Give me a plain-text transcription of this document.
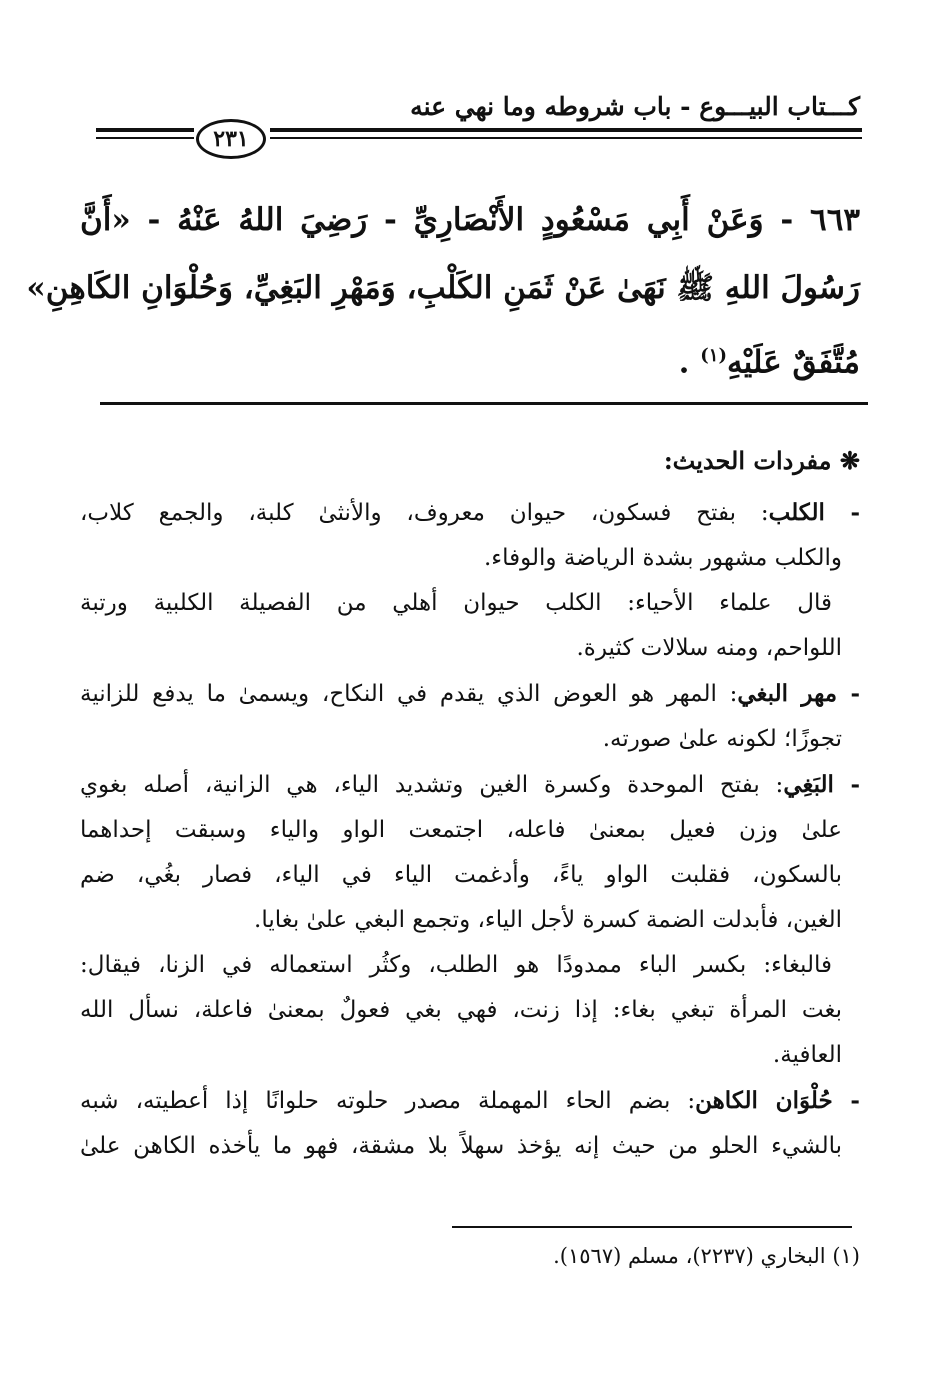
كـــتاب البيـــوع - باب شروطه وما نهي عنه
٢٣١
٦٦٣ - وَعَنْ أَبِي مَسْعُودٍ الأَنْصَارِيِّ - رَضِيَ اللهُ عَنْهُ - «أَنَّ
رَسُولَ اللهِ ﷺ نَهَىٰ عَنْ ثَمَنِ الكَلْبِ، وَمَهْرِ البَغِيِّ، وَحُلْوَانِ الكَاهِنِ»
مُتَّفَقٌ عَلَيْهِ$^{(١)}$ .
❋ مفردات الحديث:

- الكلب: بفتح فسكون، حيوان معروف، والأنثىٰ كلبة، والجمع كلاب،
والكلب مشهور بشدة الرياضة والوفاء.

قال علماء الأحياء: الكلب حيوان أهلي من الفصيلة الكلبية ورتبة
اللواحم، ومنه سلالات كثيرة.

- مهر البغي: المهر هو العوض الذي يقدم في النكاح، ويسمىٰ ما يدفع للزانية
تجوزًا؛ لكونه علىٰ صورته.

- البَغِي: بفتح الموحدة وكسرة الغين وتشديد الياء، هي الزانية، أصله بغوي
علىٰ وزن فعيل بمعنىٰ فاعله، اجتمعت الواو والياء وسبقت إحداهما
بالسكون، فقلبت الواو ياءً، وأدغمت الياء في الياء، فصار بغُي، ضم
الغين، فأبدلت الضمة كسرة لأجل الياء، وتجمع البغي علىٰ بغايا.

فالبغاء: بكسر الباء ممدودًا هو الطلب، وكثُر استعماله في الزنا، فيقال:
بغت المرأة تبغي بغاء: إذا زنت، فهي بغي فعولٌ بمعنىٰ فاعلة، نسأل الله
العافية.

- حُلْوَان الكاهن: بضم الحاء المهملة مصدر حلوته حلوانًا إذا أعطيته، شبه
بالشيء الحلو من حيث إنه يؤخذ سهلاً بلا مشقة، فهو ما يأخذه الكاهن علىٰ

(١) البخاري (٢٢٣٧)، مسلم (١٥٦٧).
